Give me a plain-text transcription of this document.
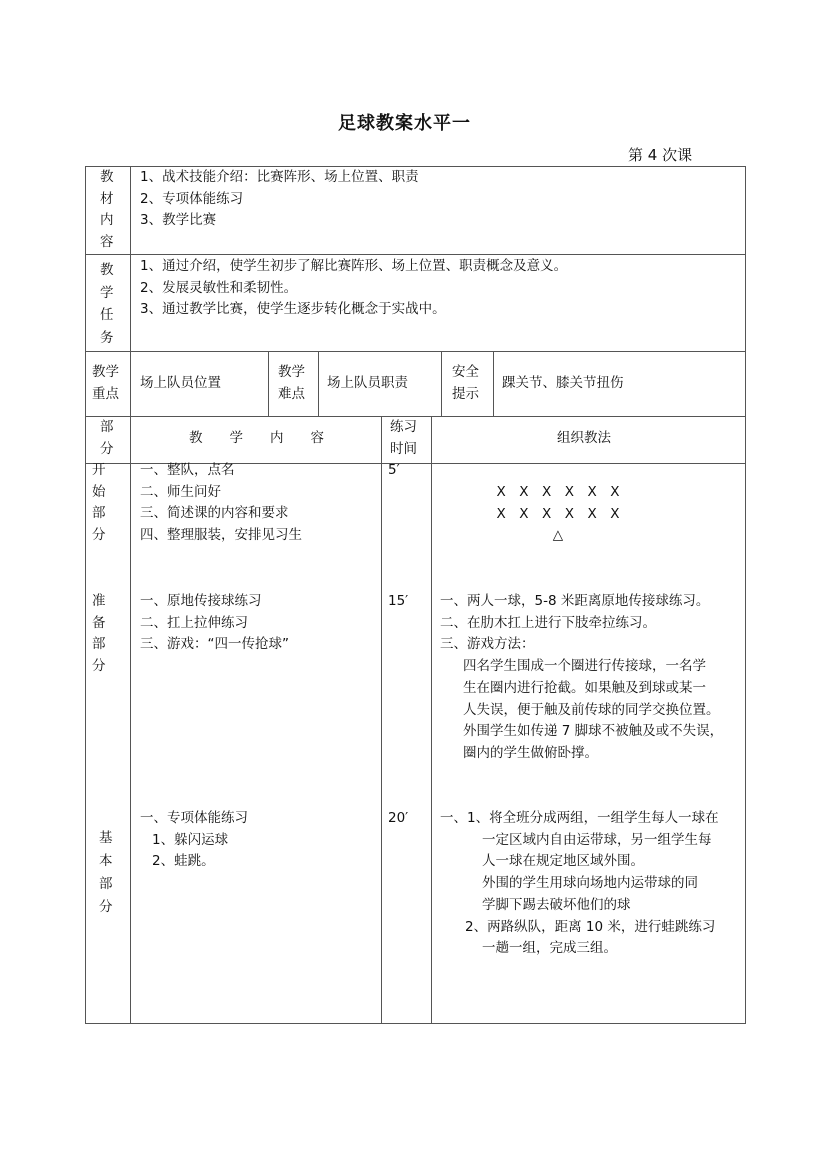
足球教案水平一
第 4 次课
教
材
内
容
1、战术技能介绍：比赛阵形、场上位置、职责
2、专项体能练习
3、教学比赛
教
学
任
务
1、通过介绍，使学生初步了解比赛阵形、场上位置、职责概念及意义。
2、发展灵敏性和柔韧性。
3、通过教学比赛，使学生逐步转化概念于实战中。
教学
重点
场上队员位置
教学
难点
场上队员职责
安全
提示
踝关节、膝关节扭伤
部
分
教　　学　　内　　容
练习
时间
组织教法
开
始
部
分
一、整队，点名
二、师生问好
三、简述课的内容和要求
四、整理服装，安排见习生
5′
X　X　X　X　X　X
X　X　X　X　X　X
△
准
备
部
分
一、原地传接球练习
二、扛上拉伸练习
三、游戏：“四一传抢球”
15′ 一、两人一球，5-8 米距离原地传接球练习。
二、在肋木扛上进行下肢牵拉练习。
三、游戏方法：
四名学生围成一个圈进行传接球，一名学
生在圈内进行抢截。如果触及到球或某一
人失误，便于触及前传球的同学交换位置。
外围学生如传递 7 脚球不被触及或不失误，
圈内的学生做俯卧撑。
基
本
部
分
一、专项体能练习
1、躲闪运球
2、蛙跳。
20′ 一、1、将全班分成两组，一组学生每人一球在
一定区域内自由运带球，另一组学生每
人一球在规定地区域外围。
外围的学生用球向场地内运带球的同
学脚下踢去破坏他们的球
2、两路纵队，距离 10 米，进行蛙跳练习
一趟一组，完成三组。
